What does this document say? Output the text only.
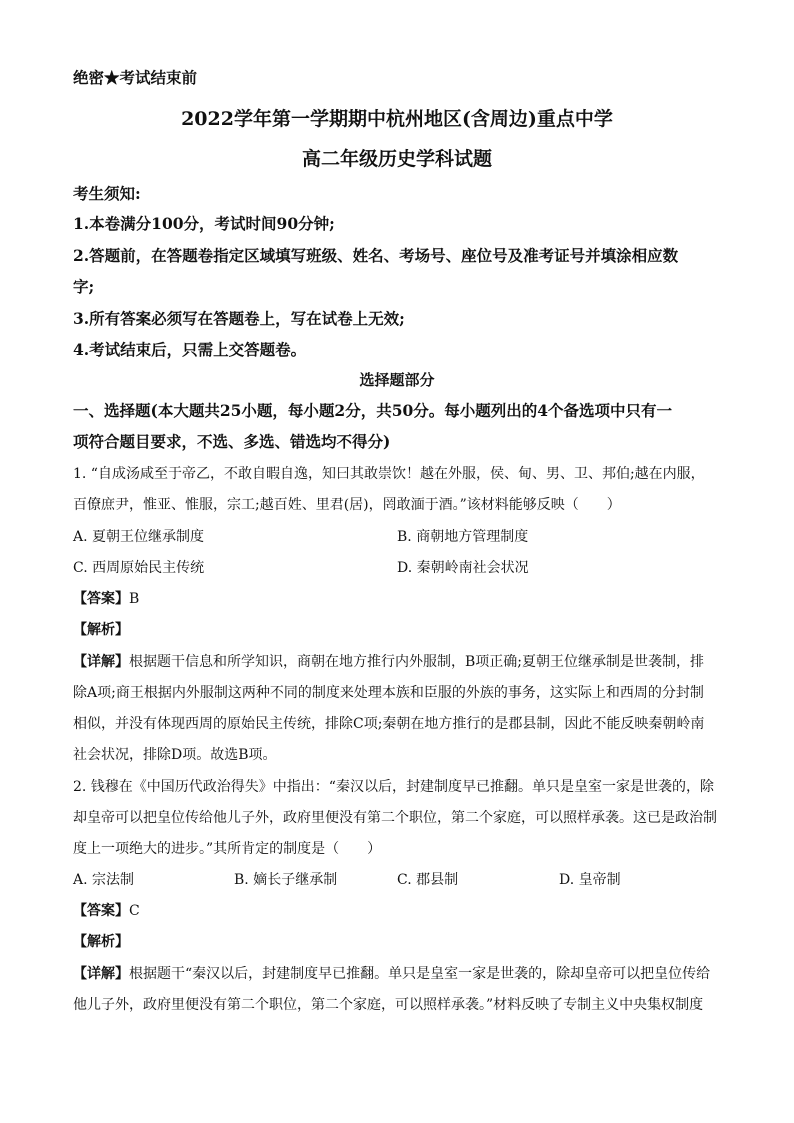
绝密★考试结束前
2022学年第一学期期中杭州地区(含周边)重点中学
高二年级历史学科试题
考生须知:
1.本卷满分100分，考试时间90分钟;
2.答题前，在答题卷指定区域填写班级、姓名、考场号、座位号及准考证号并填涂相应数
字;
3.所有答案必须写在答题卷上，写在试卷上无效;
4.考试结束后，只需上交答题卷。
选择题部分
一、选择题(本大题共25小题，每小题2分，共50分。每小题列出的4个备选项中只有一
项符合题目要求，不选、多选、错选均不得分)
1. “自成汤咸至于帝乙，不敢自暇自逸，知曰其敢崇饮！越在外服，侯、甸、男、卫、邦伯;越在内服，
百僚庶尹，惟亚、惟服，宗工;越百姓、里君(居)，罔敢湎于酒。”该材料能够反映（　　）
A. 夏朝王位继承制度	B. 商朝地方管理制度
C. 西周原始民主传统	D. 秦朝岭南社会状况
【答案】B
【解析】
【详解】根据题干信息和所学知识，商朝在地方推行内外服制，B项正确;夏朝王位继承制是世袭制，排
除A项;商王根据内外服制这两种不同的制度来处理本族和臣服的外族的事务，这实际上和西周的分封制
相似，并没有体现西周的原始民主传统，排除C项;秦朝在地方推行的是郡县制，因此不能反映秦朝岭南
社会状况，排除D项。故选B项。
2. 钱穆在《中国历代政治得失》中指出：“秦汉以后，封建制度早已推翻。单只是皇室一家是世袭的，除
却皇帝可以把皇位传给他儿子外，政府里便没有第二个职位，第二个家庭，可以照样承袭。这已是政治制
度上一项绝大的进步。”其所肯定的制度是（　　）
A. 宗法制	B. 嫡长子继承制	C. 郡县制	D. 皇帝制
【答案】C
【解析】
【详解】根据题干“秦汉以后，封建制度早已推翻。单只是皇室一家是世袭的，除却皇帝可以把皇位传给
他儿子外，政府里便没有第二个职位，第二个家庭，可以照样承袭。”材料反映了专制主义中央集权制度
